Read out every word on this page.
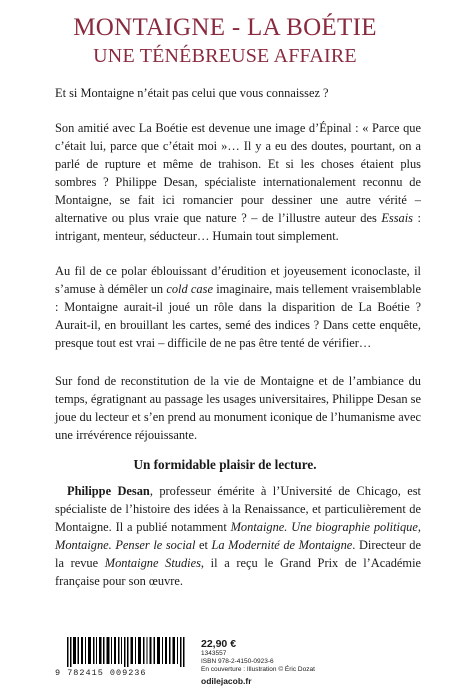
MONTAIGNE - LA BOÉTIE
UNE TÉNÉBREUSE AFFAIRE

Et si Montaigne n’était pas celui que vous connaissez ?

Son amitié avec La Boétie est devenue une image d’Épinal : « Parce que c’était lui, parce que c’était moi »… Il y a eu des doutes, pourtant, on a parlé de rupture et même de trahison. Et si les choses étaient plus sombres ? Philippe Desan, spécialiste internationalement reconnu de Montaigne, se fait ici romancier pour dessiner une autre vérité – alternative ou plus vraie que nature ? – de l’illustre auteur des Essais : intrigant, menteur, séducteur… Humain tout simplement.

Au fil de ce polar éblouissant d’érudition et joyeusement iconoclaste, il s’amuse à démêler un cold case imaginaire, mais tellement vraisemblable : Montaigne aurait-il joué un rôle dans la disparition de La Boétie ? Aurait-il, en brouillant les cartes, semé des indices ? Dans cette enquête, presque tout est vrai – difficile de ne pas être tenté de vérifier…

Sur fond de reconstitution de la vie de Montaigne et de l’ambiance du temps, égratignant au passage les usages universitaires, Philippe Desan se joue du lecteur et s’en prend au monument iconique de l’humanisme avec une irrévérence réjouissante.

Un formidable plaisir de lecture.

Philippe Desan, professeur émérite à l’Université de Chicago, est spécialiste de l’histoire des idées à la Renaissance, et particulièrement de Montaigne. Il a publié notamment Montaigne. Une biographie politique, Montaigne. Penser le social et La Modernité de Montaigne. Directeur de la revue Montaigne Studies, il a reçu le Grand Prix de l’Académie française pour son œuvre.

9 782415 009236
22,90 €
1343557
ISBN 978-2-4150-0923-6
En couverture : Illustration © Éric Dozat
odilejacob.fr
